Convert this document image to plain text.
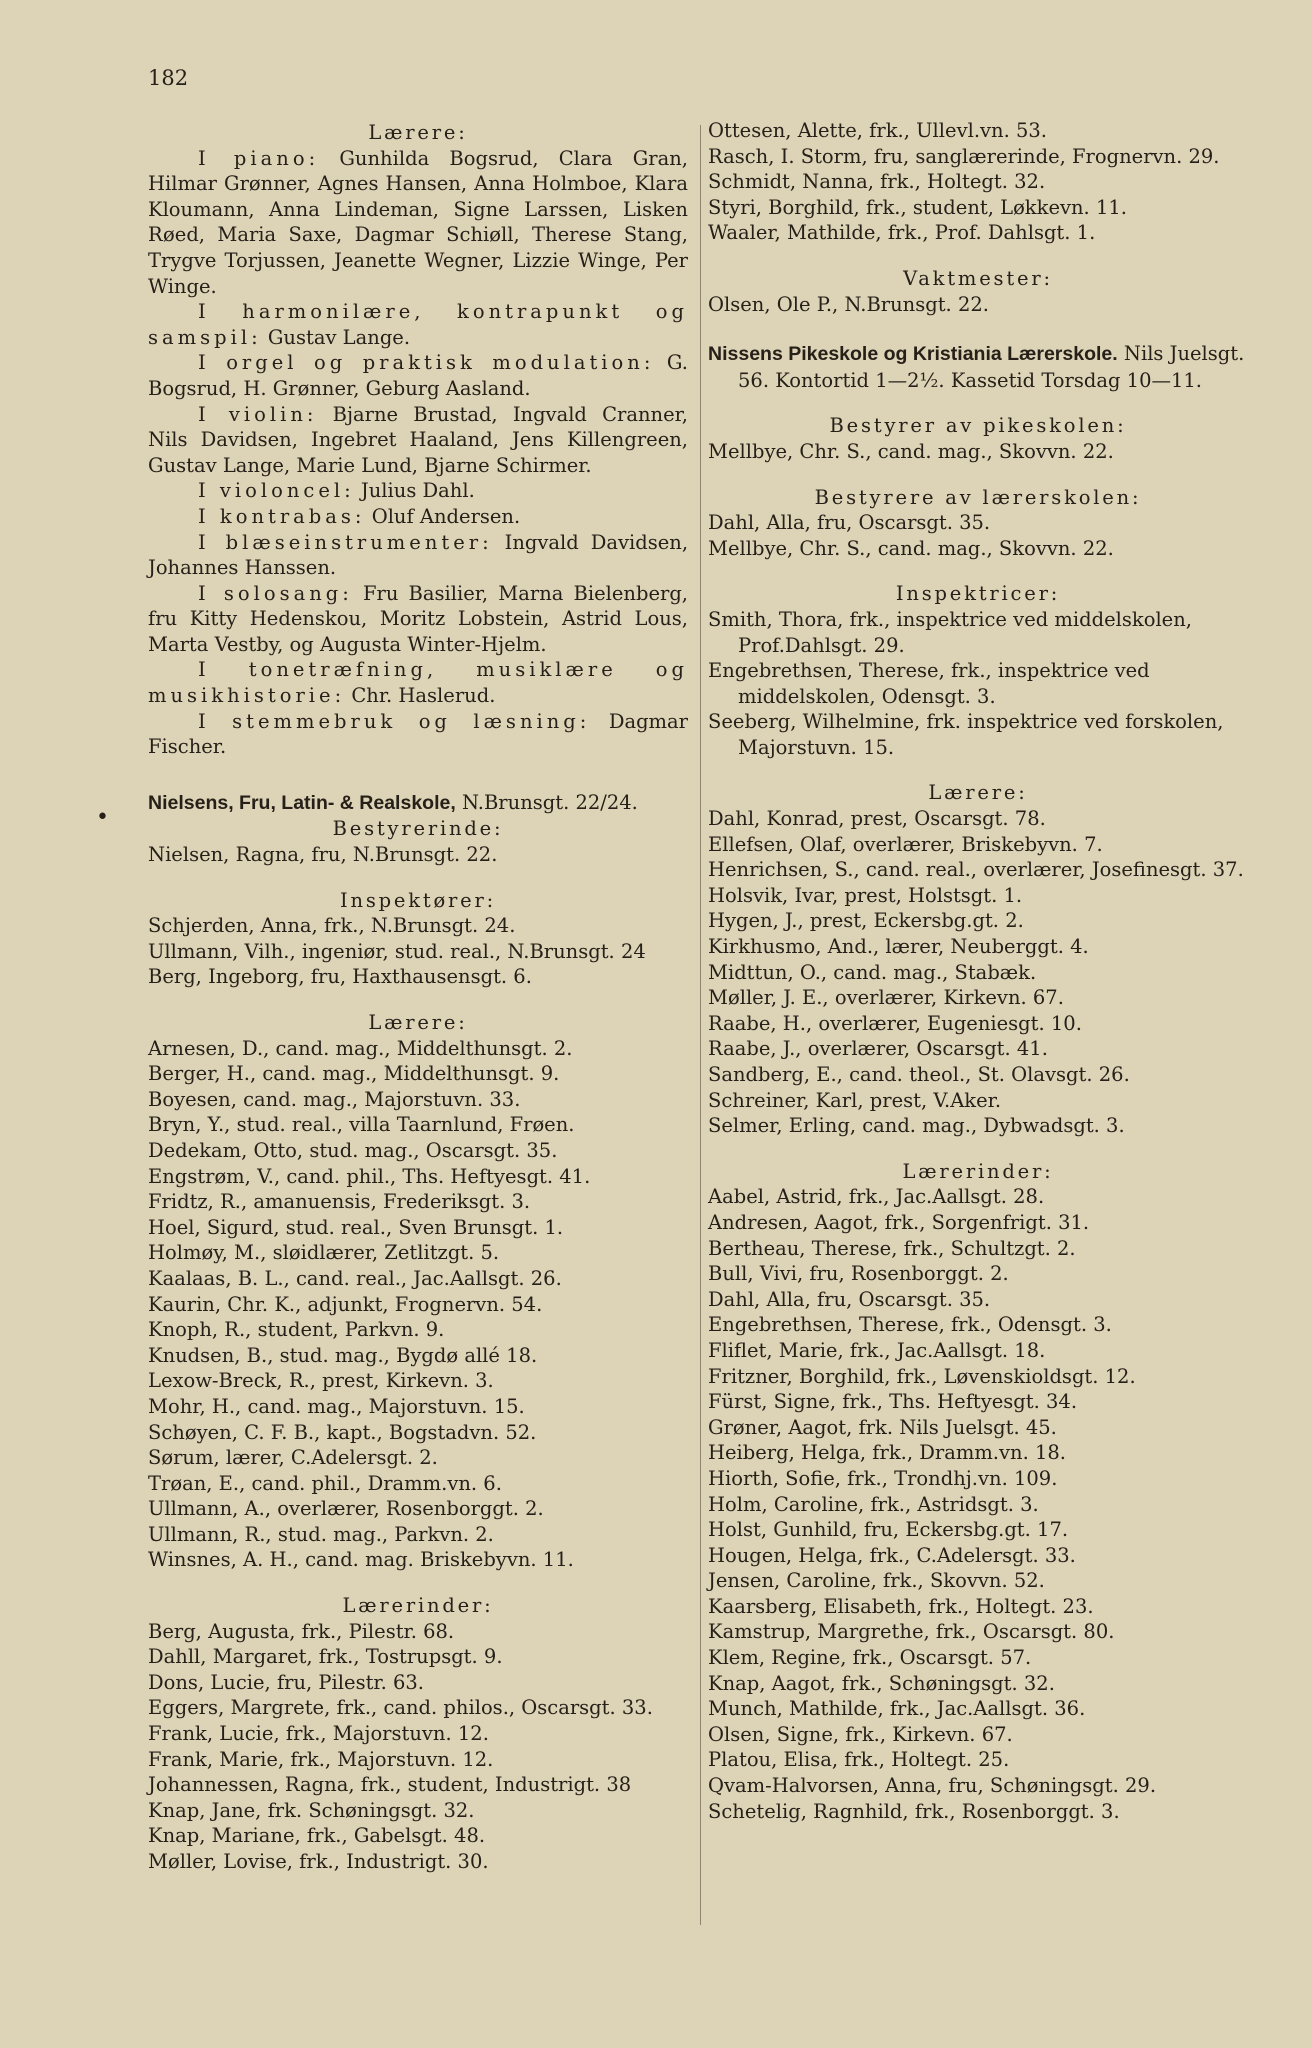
182
•
Lærere:
I piano: Gunhilda Bogsrud, Clara Gran, Hilmar Grønner, Agnes Hansen, Anna Holmboe, Klara Kloumann, Anna Lindeman, Signe Larssen, Lisken Røed, Maria Saxe, Dagmar Schiøll, Therese Stang, Trygve Torjussen, Jeanette Wegner, Lizzie Winge, Per Winge.
I harmonilære, kontrapunkt og samspil: Gustav Lange.
I orgel og praktisk modulation: G. Bogsrud, H. Grønner, Geburg Aasland.
I violin: Bjarne Brustad, Ingvald Cranner, Nils Davidsen, Ingebret Haaland, Jens Killengreen, Gustav Lange, Marie Lund, Bjarne Schirmer.
I violoncel: Julius Dahl.
I kontrabas: Oluf Andersen.
I blæseinstrumenter: Ingvald Davidsen, Johannes Hanssen.
I solosang: Fru Basilier, Marna Bielenberg, fru Kitty Hedenskou, Moritz Lobstein, Astrid Lous, Marta Vestby, og Augusta Winter-Hjelm.
I tonetræfning, musiklære og musikhistorie: Chr. Haslerud.
I stemmebruk og læsning: Dagmar Fischer.
Nielsens, Fru, Latin- & Realskole, N.Brunsgt. 22/24.
Bestyrerinde:
Nielsen, Ragna, fru, N.Brunsgt. 22.
Inspektører:
Schjerden, Anna, frk., N.Brunsgt. 24.
Ullmann, Vilh., ingeniør, stud. real., N.Brunsgt. 24
Berg, Ingeborg, fru, Haxthausensgt. 6.
Lærere:
Arnesen, D., cand. mag., Middelthunsgt. 2.
Berger, H., cand. mag., Middelthunsgt. 9.
Boyesen, cand. mag., Majorstuvn. 33.
Bryn, Y., stud. real., villa Taarnlund, Frøen.
Dedekam, Otto, stud. mag., Oscarsgt. 35.
Engstrøm, V., cand. phil., Ths. Heftyesgt. 41.
Fridtz, R., amanuensis, Frederiksgt. 3.
Hoel, Sigurd, stud. real., Sven Brunsgt. 1.
Holmøy, M., sløidlærer, Zetlitzgt. 5.
Kaalaas, B. L., cand. real., Jac.Aallsgt. 26.
Kaurin, Chr. K., adjunkt, Frognervn. 54.
Knoph, R., student, Parkvn. 9.
Knudsen, B., stud. mag., Bygdø allé 18.
Lexow-Breck, R., prest, Kirkevn. 3.
Mohr, H., cand. mag., Majorstuvn. 15.
Schøyen, C. F. B., kapt., Bogstadvn. 52.
Sørum, lærer, C.Adelersgt. 2.
Trøan, E., cand. phil., Dramm.vn. 6.
Ullmann, A., overlærer, Rosenborggt. 2.
Ullmann, R., stud. mag., Parkvn. 2.
Winsnes, A. H., cand. mag. Briskebyvn. 11.
Lærerinder:
Berg, Augusta, frk., Pilestr. 68.
Dahll, Margaret, frk., Tostrupsgt. 9.
Dons, Lucie, fru, Pilestr. 63.
Eggers, Margrete, frk., cand. philos., Oscarsgt. 33.
Frank, Lucie, frk., Majorstuvn. 12.
Frank, Marie, frk., Majorstuvn. 12.
Johannessen, Ragna, frk., student, Industrigt. 38
Knap, Jane, frk. Schøningsgt. 32.
Knap, Mariane, frk., Gabelsgt. 48.
Møller, Lovise, frk., Industrigt. 30.
Ottesen, Alette, frk., Ullevl.vn. 53.
Rasch, I. Storm, fru, sanglærerinde, Frognervn. 29.
Schmidt, Nanna, frk., Holtegt. 32.
Styri, Borghild, frk., student, Løkkevn. 11.
Waaler, Mathilde, frk., Prof. Dahlsgt. 1.
Vaktmester:
Olsen, Ole P., N.Brunsgt. 22.
Nissens Pikeskole og Kristiania Lærerskole. Nils Juelsgt. 56. Kontortid 1—2½. Kassetid Torsdag 10—11.
Bestyrer av pikeskolen:
Mellbye, Chr. S., cand. mag., Skovvn. 22.
Bestyrere av lærerskolen:
Dahl, Alla, fru, Oscarsgt. 35.
Mellbye, Chr. S., cand. mag., Skovvn. 22.
Inspektricer:
Smith, Thora, frk., inspektrice ved middelskolen, Prof.Dahlsgt. 29.
Engebrethsen, Therese, frk., inspektrice ved middelskolen, Odensgt. 3.
Seeberg, Wilhelmine, frk. inspektrice ved forskolen, Majorstuvn. 15.
Lærere:
Dahl, Konrad, prest, Oscarsgt. 78.
Ellefsen, Olaf, overlærer, Briskebyvn. 7.
Henrichsen, S., cand. real., overlærer, Josefinesgt. 37.
Holsvik, Ivar, prest, Holstsgt. 1.
Hygen, J., prest, Eckersbg.gt. 2.
Kirkhusmo, And., lærer, Neuberggt. 4.
Midttun, O., cand. mag., Stabæk.
Møller, J. E., overlærer, Kirkevn. 67.
Raabe, H., overlærer, Eugeniesgt. 10.
Raabe, J., overlærer, Oscarsgt. 41.
Sandberg, E., cand. theol., St. Olavsgt. 26.
Schreiner, Karl, prest, V.Aker.
Selmer, Erling, cand. mag., Dybwadsgt. 3.
Lærerinder:
Aabel, Astrid, frk., Jac.Aallsgt. 28.
Andresen, Aagot, frk., Sorgenfrigt. 31.
Bertheau, Therese, frk., Schultzgt. 2.
Bull, Vivi, fru, Rosenborggt. 2.
Dahl, Alla, fru, Oscarsgt. 35.
Engebrethsen, Therese, frk., Odensgt. 3.
Fliflet, Marie, frk., Jac.Aallsgt. 18.
Fritzner, Borghild, frk., Løvenskioldsgt. 12.
Fürst, Signe, frk., Ths. Heftyesgt. 34.
Grøner, Aagot, frk. Nils Juelsgt. 45.
Heiberg, Helga, frk., Dramm.vn. 18.
Hiorth, Sofie, frk., Trondhj.vn. 109.
Holm, Caroline, frk., Astridsgt. 3.
Holst, Gunhild, fru, Eckersbg.gt. 17.
Hougen, Helga, frk., C.Adelersgt. 33.
Jensen, Caroline, frk., Skovvn. 52.
Kaarsberg, Elisabeth, frk., Holtegt. 23.
Kamstrup, Margrethe, frk., Oscarsgt. 80.
Klem, Regine, frk., Oscarsgt. 57.
Knap, Aagot, frk., Schøningsgt. 32.
Munch, Mathilde, frk., Jac.Aallsgt. 36.
Olsen, Signe, frk., Kirkevn. 67.
Platou, Elisa, frk., Holtegt. 25.
Qvam-Halvorsen, Anna, fru, Schøningsgt. 29.
Schetelig, Ragnhild, frk., Rosenborggt. 3.
